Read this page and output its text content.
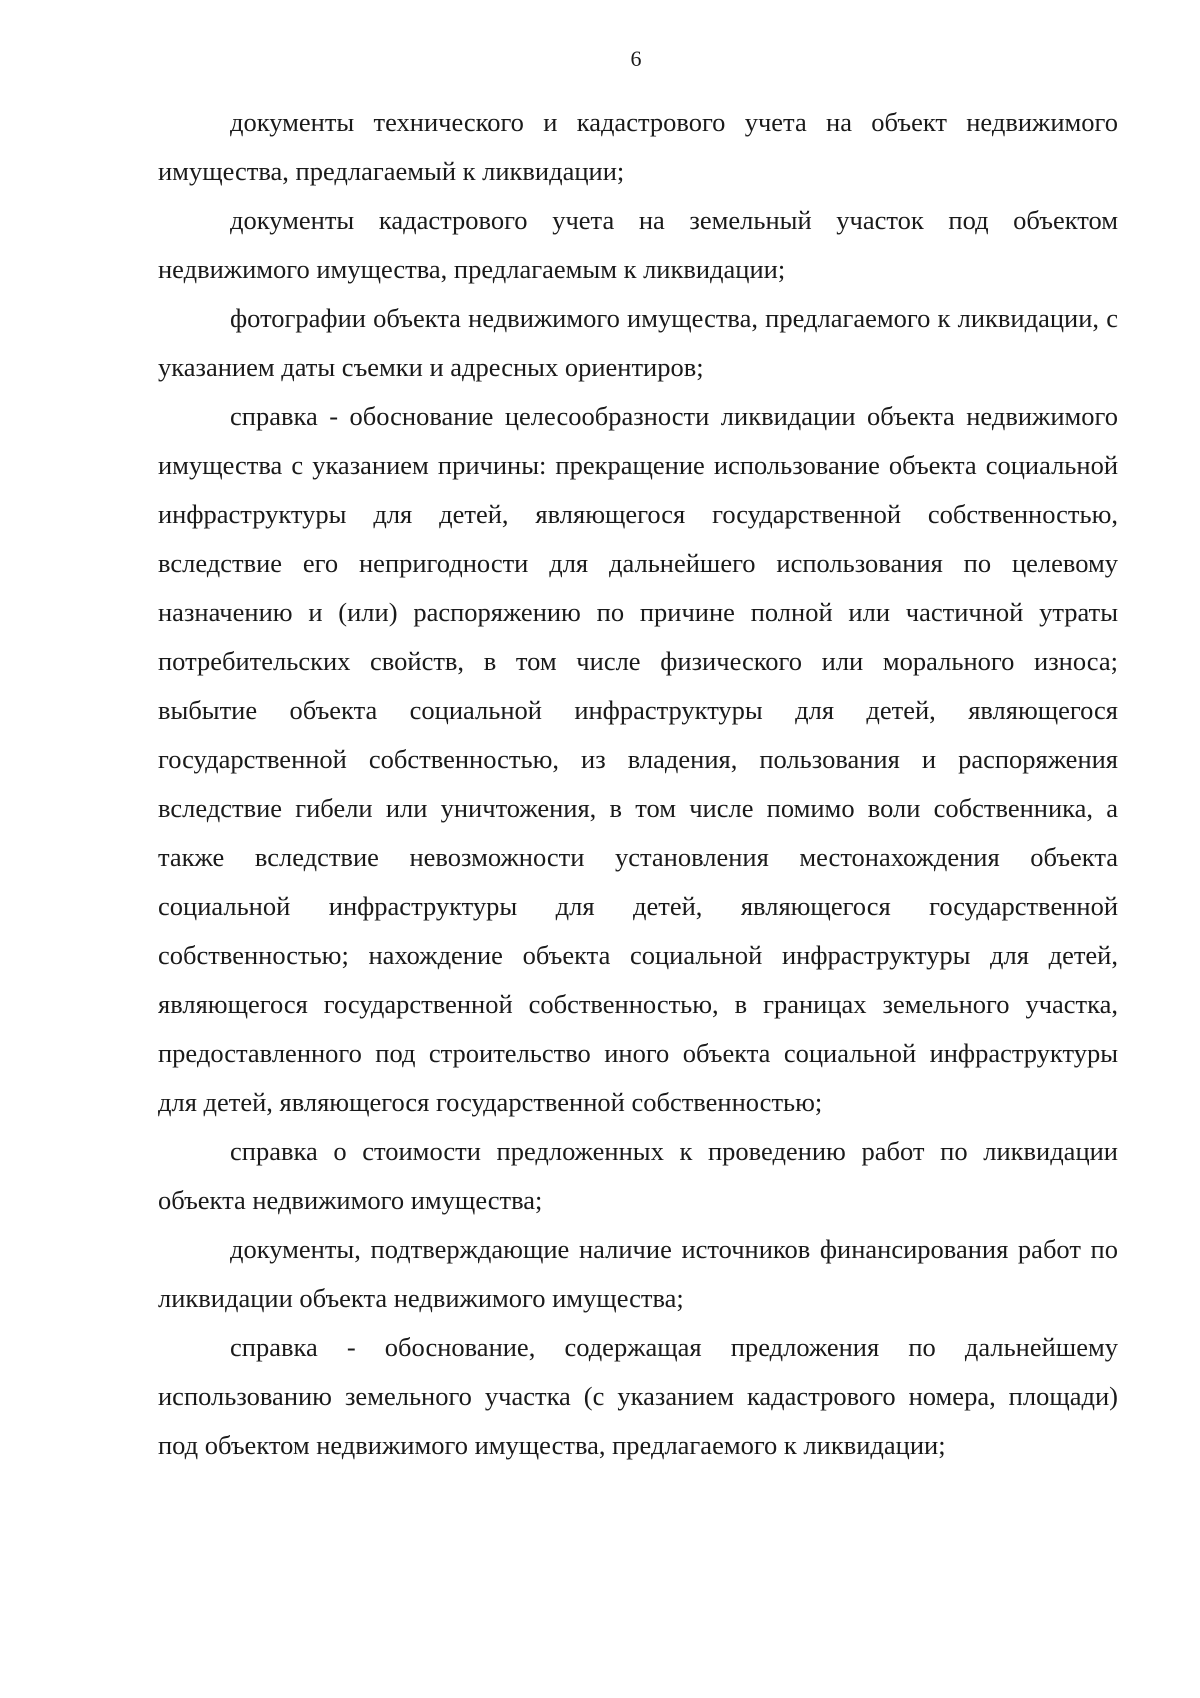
6

документы технического и кадастрового учета на объект недвижимого имущества, предлагаемый к ликвидации;

документы кадастрового учета на земельный участок под объектом недвижимого имущества, предлагаемым к ликвидации;

фотографии объекта недвижимого имущества, предлагаемого к ликвидации, с указанием даты съемки и адресных ориентиров;

справка - обоснование целесообразности ликвидации объекта недвижимого имущества с указанием причины: прекращение использование объекта социальной инфраструктуры для детей, являющегося государственной собственностью, вследствие его непригодности для дальнейшего использования по целевому назначению и (или) распоряжению по причине полной или частичной утраты потребительских свойств, в том числе физического или морального износа; выбытие объекта социальной инфраструктуры для детей, являющегося государственной собственностью, из владения, пользования и распоряжения вследствие гибели или уничтожения, в том числе помимо воли собственника, а также вследствие невозможности установления местонахождения объекта социальной инфраструктуры для детей, являющегося государственной собственностью; нахождение объекта социальной инфраструктуры для детей, являющегося государственной собственностью, в границах земельного участка, предоставленного под строительство иного объекта социальной инфраструктуры для детей, являющегося государственной собственностью;

справка о стоимости предложенных к проведению работ по ликвидации объекта недвижимого имущества;

документы, подтверждающие наличие источников финансирования работ по ликвидации объекта недвижимого имущества;

справка - обоснование, содержащая предложения по дальнейшему использованию земельного участка (с указанием кадастрового номера, площади) под объектом недвижимого имущества, предлагаемого к ликвидации;
